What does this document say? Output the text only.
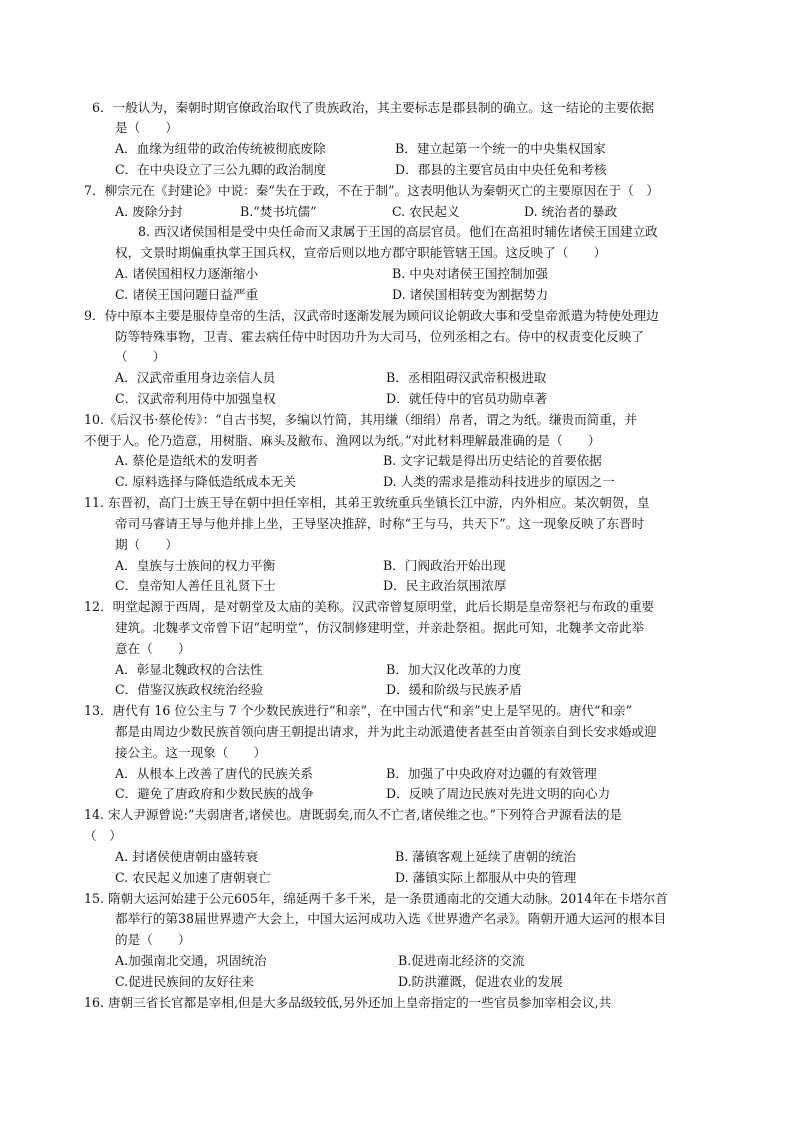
6．一般认为，秦朝时期官僚政治取代了贵族政治，其主要标志是郡县制的确立。这一结论的主要依据
是（　　）
A．血缘为纽带的政治传统被彻底废除	B．建立起第一个统一的中央集权国家
C．在中央设立了三公九卿的政治制度	D．郡县的主要官员由中央任免和考核
7．柳宗元在《封建论》中说：秦“失在于政，不在于制”。这表明他认为秦朝灭亡的主要原因在于（　）
A. 废除分封	B.“焚书坑儒”	C. 农民起义	D. 统治者的暴政
8. 西汉诸侯国相是受中央任命而又隶属于王国的高层官员。他们在高祖时辅佐诸侯王国建立政
权，文景时期偏重执掌王国兵权，宣帝后则以地方郡守职能管辖王国。这反映了（　　）
A. 诸侯国相权力逐渐缩小	B. 中央对诸侯王国控制加强
C. 诸侯王国问题日益严重	D. 诸侯国相转变为割据势力
9．侍中原本主要是服侍皇帝的生活，汉武帝时逐渐发展为顾问议论朝政大事和受皇帝派遣为特使处理边
防等特殊事物，卫青、霍去病任侍中时因功升为大司马，位列丞相之右。侍中的权责变化反映了
（　　）
A．汉武帝重用身边亲信人员	B．丞相阻碍汉武帝积极进取
C．汉武帝利用侍中加强皇权	D．就任侍中的官员功勋卓著
10.《后汉书·蔡伦传》：“自古书契，多编以竹简，其用缣（细绢）帛者，谓之为纸。缣贵而简重，并
不便于人。伦乃造意，用树脂、麻头及敝布、渔网以为纸。”对此材料理解最准确的是（　　）
A. 蔡伦是造纸术的发明者	B. 文字记载是得出历史结论的首要依据
C. 原料选择与降低造纸成本无关	D. 人类的需求是推动科技进步的原因之一
11. 东晋初，高门士族王导在朝中担任宰相，其弟王敦统重兵坐镇长江中游，内外相应。某次朝贺，皇
帝司马睿请王导与他并排上坐，王导坚决推辞，时称“王与马，共天下”。这一现象反映了东晋时
期（　　）
A．皇族与士族间的权力平衡	B．门阀政治开始出现
C．皇帝知人善任且礼贤下士	D．民主政治氛围浓厚
12．明堂起源于西周，是对朝堂及太庙的美称。汉武帝曾复原明堂，此后长期是皇帝祭祀与布政的重要
建筑。北魏孝文帝曾下诏“起明堂”，仿汉制修建明堂，并亲赴祭祖。据此可知，北魏孝文帝此举
意在（　　）
A．彰显北魏政权的合法性	B．加大汉化改革的力度
C．借鉴汉族政权统治经验	D．缓和阶级与民族矛盾
13．唐代有 16 位公主与 7 个少数民族进行“和亲”，在中国古代“和亲”史上是罕见的。唐代“和亲”
都是由周边少数民族首领向唐王朝提出请求，并为此主动派遣使者甚至由首领亲自到长安求婚或迎
接公主。这一现象（　　）
A．从根本上改善了唐代的民族关系	B．加强了中央政府对边疆的有效管理
C．避免了唐政府和少数民族的战争	D．反映了周边民族对先进文明的向心力
14. 宋人尹源曾说:“夫弱唐者,诸侯也。唐既弱矣,而久不亡者,诸侯维之也。”下列符合尹源看法的是
（　）
A. 封诸侯使唐朝由盛转衰	B. 藩镇客观上延续了唐朝的统治
C. 农民起义加速了唐朝衰亡	D. 藩镇实际上都服从中央的管理
15. 隋朝大运河始建于公元605年，绵延两千多千米，是一条贯通南北的交通大动脉。2014年在卡塔尔首
都举行的第38届世界遗产大会上，中国大运河成功入选《世界遗产名录》。隋朝开通大运河的根本目
的是（　　）
A.加强南北交通，巩固统治	B.促进南北经济的交流
C.促进民族间的友好往来	D.防洪灌溉，促进农业的发展
16. 唐朝三省长官都是宰相,但是大多品级较低,另外还加上皇帝指定的一些官员参加宰相会议,共
